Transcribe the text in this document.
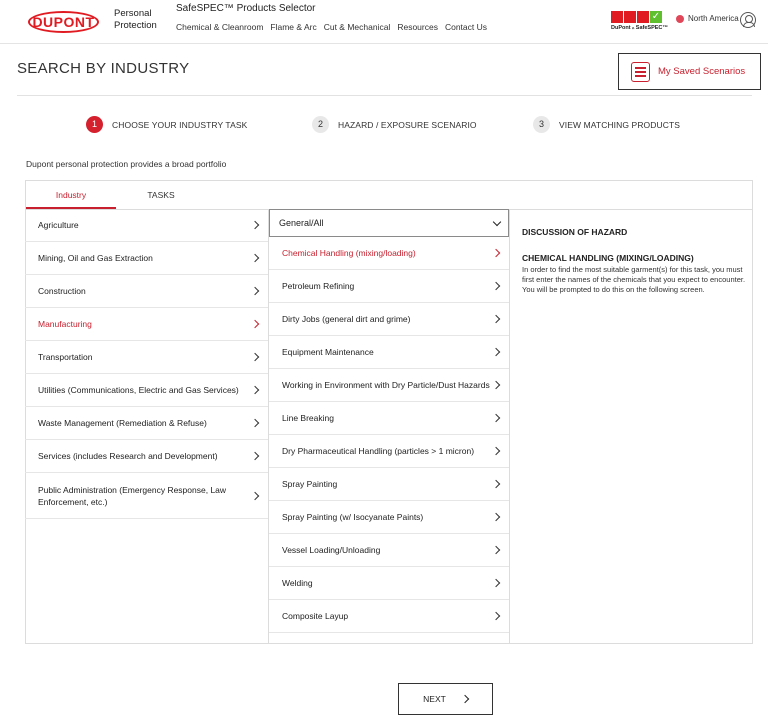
DUPONT
Personal
Protection
SafeSPEC™ Products Selector
Chemical & Cleanroom Flame & Arc Cut & Mechanical Resources Contact Us
✓
DuPont ₙ SafeSPEC™
North America
SEARCH BY INDUSTRY	My Saved Scenarios
1	CHOOSE YOUR INDUSTRY TASK	2	HAZARD / EXPOSURE SCENARIO	3	VIEW MATCHING PRODUCTS
Dupont personal protection provides a broad portfolio
Industry	TASKS
Agriculture
Mining, Oil and Gas Extraction
Construction
Manufacturing
Transportation
Utilities (Communications, Electric and Gas Services)
Waste Management (Remediation & Refuse)
Services (includes Research and Development)
Public Administration (Emergency Response, Law Enforcement, etc.)
General/All
Chemical Handling (mixing/loading)
Petroleum Refining
Dirty Jobs (general dirt and grime)
Equipment Maintenance
Working in Environment with Dry Particle/Dust Hazards
Line Breaking
Dry Pharmaceutical Handling (particles > 1 micron)
Spray Painting
Spray Painting (w/ Isocyanate Paints)
Vessel Loading/Unloading
Welding
Composite Layup
DISCUSSION OF HAZARD
CHEMICAL HANDLING (MIXING/LOADING)
In order to find the most suitable garment(s) for this task, you must first enter the names of the chemicals that you expect to encounter. You will be prompted to do this on the following screen.
NEXT
